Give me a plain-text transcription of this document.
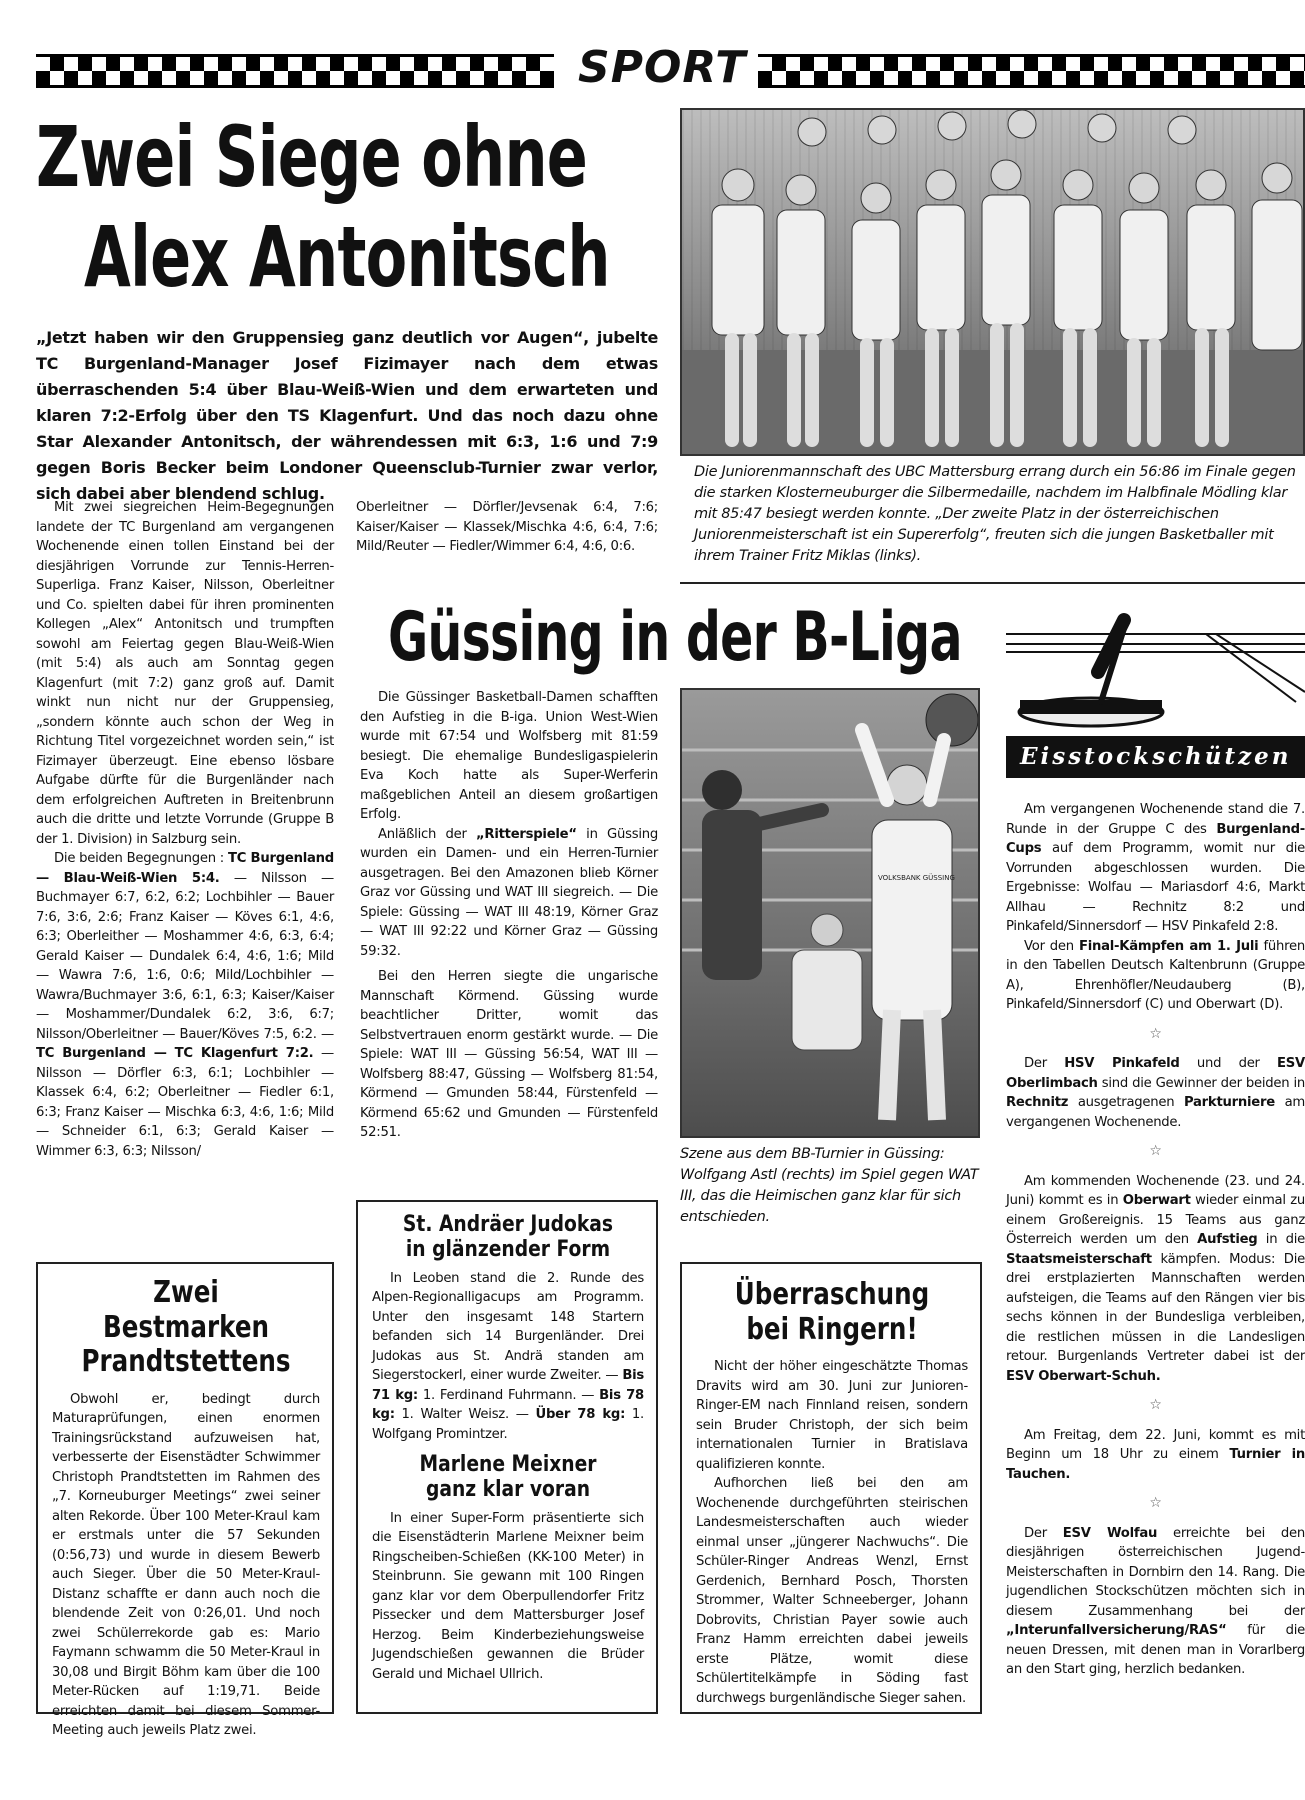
SPORT
Zwei Siege ohne
Alex Antonitsch
„Jetzt haben wir den Gruppensieg ganz deutlich vor Augen“, jubelte TC Burgenland-Manager Josef Fizimayer nach dem etwas überraschenden 5:4 über Blau-Weiß-Wien und dem erwarteten und klaren 7:2-Erfolg über den TS Klagenfurt. Und das noch dazu ohne Star Alexander Antonitsch, der währendessen mit 6:3, 1:6 und 7:9 gegen Boris Becker beim Londoner Queensclub-Turnier zwar verlor, sich dabei aber blendend schlug.
Die Juniorenmannschaft des UBC Mattersburg errang durch ein 56:86 im Finale gegen die starken Klosterneuburger die Silbermedaille, nachdem im Halbfinale Mödling klar mit 85:47 besiegt werden konnte. „Der zweite Platz in der österreichischen Juniorenmeisterschaft ist ein Supererfolg“, freuten sich die jungen Basketballer mit ihrem Trainer Fritz Miklas (links).

Mit zwei siegreichen Heim-Begegnungen landete der TC Burgenland am vergangenen Wochenende einen tollen Einstand bei der diesjährigen Vorrunde zur Tennis-Herren-Superliga. Franz Kaiser, Nilsson, Oberleitner und Co. spielten dabei für ihren prominenten Kollegen „Alex“ Antonitsch und trumpften sowohl am Feiertag gegen Blau-Weiß-Wien (mit 5:4) als auch am Sonntag gegen Klagenfurt (mit 7:2) ganz groß auf. Damit winkt nun nicht nur der Gruppensieg, „sondern könnte auch schon der Weg in Richtung Titel vorgezeichnet worden sein,“ ist Fizimayer überzeugt. Eine ebenso lösbare Aufgabe dürfte für die Burgenländer nach dem erfolgreichen Auftreten in Breitenbrunn auch die dritte und letzte Vorrunde (Gruppe B der 1. Division) in Salzburg sein.

Die beiden Begegnungen : TC Burgenland — Blau-Weiß-Wien 5:4. — Nilsson — Buchmayer 6:7, 6:2, 6:2; Lochbihler — Bauer 7:6, 3:6, 2:6; Franz Kaiser — Köves 6:1, 4:6, 6:3; Oberleither — Moshammer 4:6, 6:3, 6:4; Gerald Kaiser — Dundalek 6:4, 4:6, 1:6; Mild — Wawra 7:6, 1:6, 0:6; Mild/Lochbihler — Wawra/Buchmayer 3:6, 6:1, 6:3; Kaiser/Kaiser — Moshammer/Dundalek 6:2, 3:6, 6:7; Nilsson/Oberleitner — Bauer/Köves 7:5, 6:2. — TC Burgenland — TC Klagenfurt 7:2. — Nilsson — Dörfler 6:3, 6:1; Lochbihler — Klassek 6:4, 6:2; Oberleitner — Fiedler 6:1, 6:3; Franz Kaiser — Mischka 6:3, 4:6, 1:6; Mild — Schneider 6:1, 6:3; Gerald Kaiser — Wimmer 6:3, 6:3; Nilsson/

Oberleitner — Dörfler/Jevsenak 6:4, 7:6; Kaiser/Kaiser — Klassek/Mischka 4:6, 6:4, 7:6; Mild/Reuter — Fiedler/Wimmer 6:4, 4:6, 0:6.

Güssing in der B-Liga

Die Güssinger Basketball-Damen schafften den Aufstieg in die B-iga. Union West-Wien wurde mit 67:54 und Wolfsberg mit 81:59 besiegt. Die ehemalige Bundesligaspielerin Eva Koch hatte als Super-Werferin maßgeblichen Anteil an diesem großartigen Erfolg.

Anläßlich der „Ritterspiele“ in Güssing wurden ein Damen- und ein Herren-Turnier ausgetragen. Bei den Amazonen blieb Körner Graz vor Güssing und WAT III siegreich. — Die Spiele: Güssing — WAT III 48:19, Körner Graz — WAT III 92:22 und Körner Graz — Güssing 59:32.

Bei den Herren siegte die ungarische Mannschaft Körmend. Güssing wurde beachtlicher Dritter, womit das Selbstvertrauen enorm gestärkt wurde. — Die Spiele: WAT III — Güssing 56:54, WAT III — Wolfsberg 88:47, Güssing — Wolfsberg 81:54, Körmend — Gmunden 58:44, Fürstenfeld — Körmend 65:62 und Gmunden — Fürstenfeld 52:51.

VOLKSBANK GÜSSING
Szene aus dem BB-Turnier in Güssing: Wolfgang Astl (rechts) im Spiel gegen WAT III, das die Heimischen ganz klar für sich entschieden.
Eisstockschützen

Am vergangenen Wochenende stand die 7. Runde in der Gruppe C des Burgenland-Cups auf dem Programm, womit nur die Vorrunden abgeschlossen wurden. Die Ergebnisse: Wolfau — Mariasdorf 4:6, Markt Allhau — Rechnitz 8:2 und Pinkafeld/Sinnersdorf — HSV Pinkafeld 2:8.

Vor den Final-Kämpfen am 1. Juli führen in den Tabellen Deutsch Kaltenbrunn (Gruppe A), Ehrenhöfler/Neudauberg (B), Pinkafeld/Sinnersdorf (C) und Oberwart (D).

☆

Der HSV Pinkafeld und der ESV Oberlimbach sind die Gewinner der beiden in Rechnitz ausgetragenen Parkturniere am vergangenen Wochenende.

☆

Am kommenden Wochenende (23. und 24. Juni) kommt es in Oberwart wieder einmal zu einem Großereignis. 15 Teams aus ganz Österreich werden um den Aufstieg in die Staatsmeisterschaft kämpfen. Modus: Die drei erstplazierten Mannschaften werden aufsteigen, die Teams auf den Rängen vier bis sechs können in der Bundesliga verbleiben, die restlichen müssen in die Landesligen retour. Burgenlands Vertreter dabei ist der ESV Oberwart-Schuh.

☆

Am Freitag, dem 22. Juni, kommt es mit Beginn um 18 Uhr zu einem Turnier in Tauchen.

☆

Der ESV Wolfau erreichte bei den diesjährigen österreichischen Jugend-Meisterschaften in Dornbirn den 14. Rang. Die jugendlichen Stockschützen möchten sich in diesem Zusammenhang bei der „Interunfallversicherung/RAS“ für die neuen Dressen, mit denen man in Vorarlberg an den Start ging, herzlich bedanken.

Zwei Bestmarken
Prandtstettens

Obwohl er, bedingt durch Maturaprüfungen, einen enormen Trainingsrückstand aufzuweisen hat, verbesserte der Eisenstädter Schwimmer Christoph Prandtstetten im Rahmen des „7. Korneuburger Meetings“ zwei seiner alten Rekorde. Über 100 Meter-Kraul kam er erstmals unter die 57 Sekunden (0:56,73) und wurde in diesem Bewerb auch Sieger. Über die 50 Meter-Kraul-Distanz schaffte er dann auch noch die blendende Zeit von 0:26,01. Und noch zwei Schülerrekorde gab es: Mario Faymann schwamm die 50 Meter-Kraul in 30,08 und Birgit Böhm kam über die 100 Meter-Rücken auf 1:19,71. Beide erreichten damit bei diesem Sommer-Meeting auch jeweils Platz zwei.

St. Andräer Judokas
in glänzender Form

In Leoben stand die 2. Runde des Alpen-Regionalligacups am Programm. Unter den insgesamt 148 Startern befanden sich 14 Burgenländer. Drei Judokas aus St. Andrä standen am Siegerstockerl, einer wurde Zweiter. — Bis 71 kg: 1. Ferdinand Fuhrmann. — Bis 78 kg: 1. Walter Weisz. — Über 78 kg: 1. Wolfgang Promintzer.

Marlene Meixner
ganz klar voran

In einer Super-Form präsentierte sich die Eisenstädterin Marlene Meixner beim Ringscheiben-Schießen (KK-100 Meter) in Steinbrunn. Sie gewann mit 100 Ringen ganz klar vor dem Oberpullendorfer Fritz Pissecker und dem Mattersburger Josef Herzog. Beim Kinderbeziehungsweise Jugendschießen gewannen die Brüder Gerald und Michael Ullrich.

Überraschung
bei Ringern!

Nicht der höher eingeschätzte Thomas Dravits wird am 30. Juni zur Junioren-Ringer-EM nach Finnland reisen, sondern sein Bruder Christoph, der sich beim internationalen Turnier in Bratislava qualifizieren konnte.

Aufhorchen ließ bei den am Wochenende durchgeführten steirischen Landesmeisterschaften auch wieder einmal unser „jüngerer Nachwuchs“. Die Schüler-Ringer Andreas Wenzl, Ernst Gerdenich, Bernhard Posch, Thorsten Strommer, Walter Schneeberger, Johann Dobrovits, Christian Payer sowie auch Franz Hamm erreichten dabei jeweils erste Plätze, womit diese Schülertitelkämpfe in Söding fast durchwegs burgenländische Sieger sahen.
